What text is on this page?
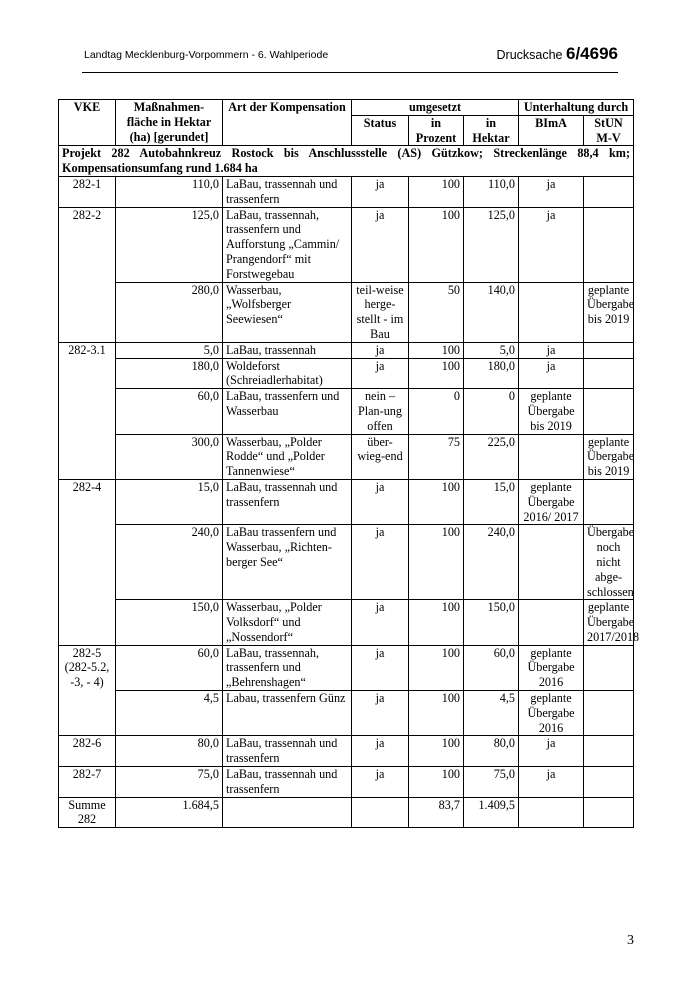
Landtag Mecklenburg-Vorpommern - 6. Wahlperiode	Drucksache 6/4696
VKE	Maßnahmen-fläche in Hektar (ha) [gerundet]	Art der Kompensation	umgesetzt			Unterhaltung durch	
			Status	in Prozent	in Hektar	BImA	StUN M-V
Projekt 282 Autobahnkreuz Rostock bis Anschlussstelle (AS) Gützkow; Streckenlänge 88,4 km; Kompensationsumfang rund 1.684 ha							
282-1	110,0	LaBau, trassennah und trassenfern	ja	100	110,0	ja	
282-2	125,0	LaBau, trassennah, trassenfern und Aufforstung „Cammin/ Prangendorf“ mit Forstwegebau	ja	100	125,0	ja	
	280,0	Wasserbau, „Wolfsberger Seewiesen“	teil-weise herge-stellt - im Bau	50	140,0		geplante Übergabe bis 2019
282-3.1	5,0	LaBau, trassennah	ja	100	5,0	ja	
	180,0	Woldeforst (Schreiadlerhabitat)	ja	100	180,0	ja	
	60,0	LaBau, trassenfern und Wasserbau	nein – Plan-ung offen	0	0	geplante Übergabe bis 2019	
	300,0	Wasserbau, „Polder Rodde“ und „Polder Tannenwiese“	über-wieg-end	75	225,0		geplante Übergabe bis 2019
282-4	15,0	LaBau, trassennah und trassenfern	ja	100	15,0	geplante Übergabe 2016/ 2017	
	240,0	LaBau trassenfern und Wasserbau, „Richten-berger See“	ja	100	240,0		Übergabe noch nicht abge-schlossen
	150,0	Wasserbau, „Polder Volksdorf“ und „Nossendorf“	ja	100	150,0		geplante Übergabe 2017/2018
282-5 (282-5.2, -3, - 4)	60,0	LaBau, trassennah, trassenfern und „Behrenshagen“	ja	100	60,0	geplante Übergabe 2016	
	4,5	Labau, trassenfern Günz	ja	100	4,5	geplante Übergabe 2016	
282-6	80,0	LaBau, trassennah und trassenfern	ja	100	80,0	ja	
282-7	75,0	LaBau, trassennah und trassenfern	ja	100	75,0	ja	
Summe 282	1.684,5			83,7	1.409,5		
3
